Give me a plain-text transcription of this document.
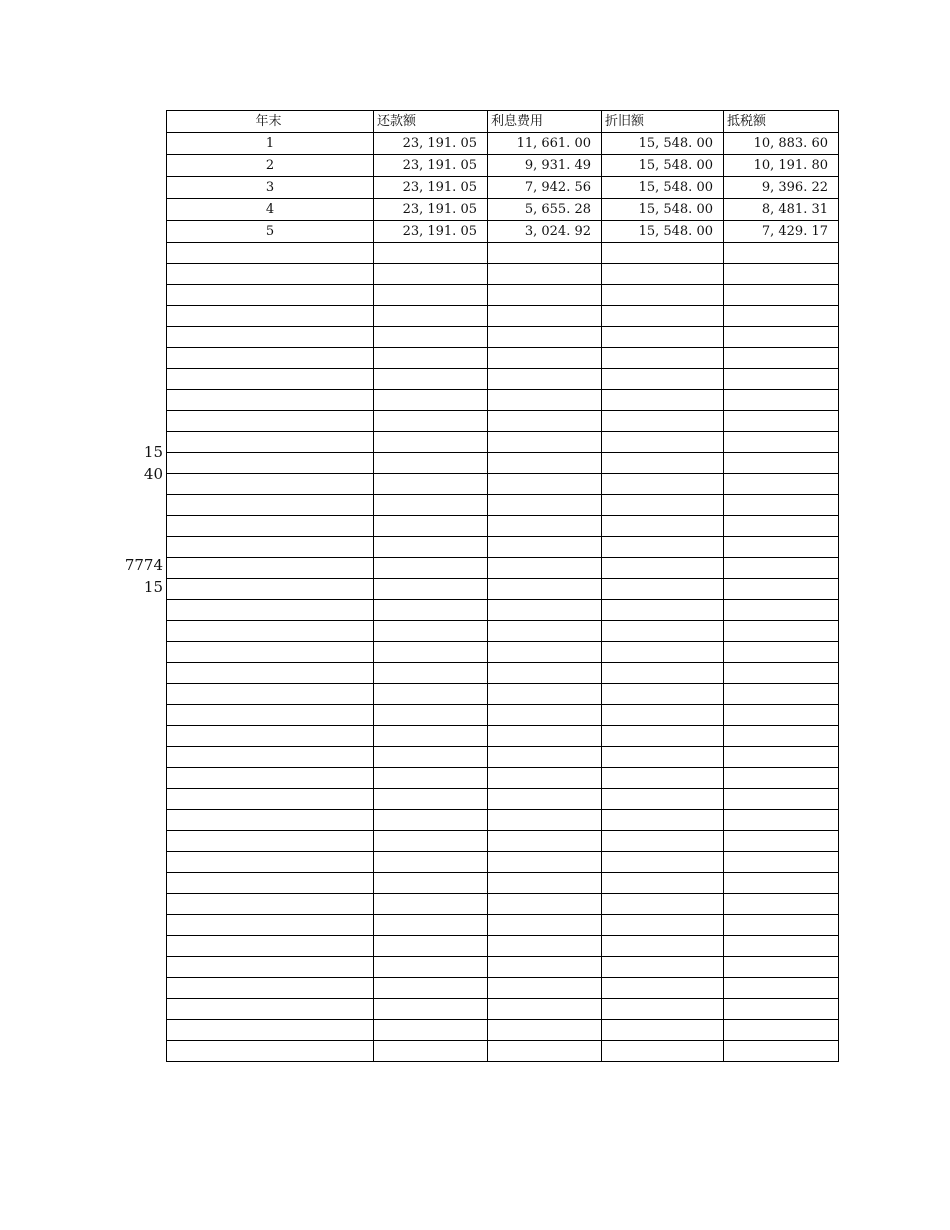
年末	还款额	利息费用	折旧额	抵税额
1	23, 191. 05	11, 661. 00	15, 548. 00	10, 883. 60
2	23, 191. 05	9, 931. 49	15, 548. 00	10, 191. 80
3	23, 191. 05	7, 942. 56	15, 548. 00	9, 396. 22
4	23, 191. 05	5, 655. 28	15, 548. 00	8, 481. 31
5	23, 191. 05	3, 024. 92	15, 548. 00	7, 429. 17

15
40
7774
15
